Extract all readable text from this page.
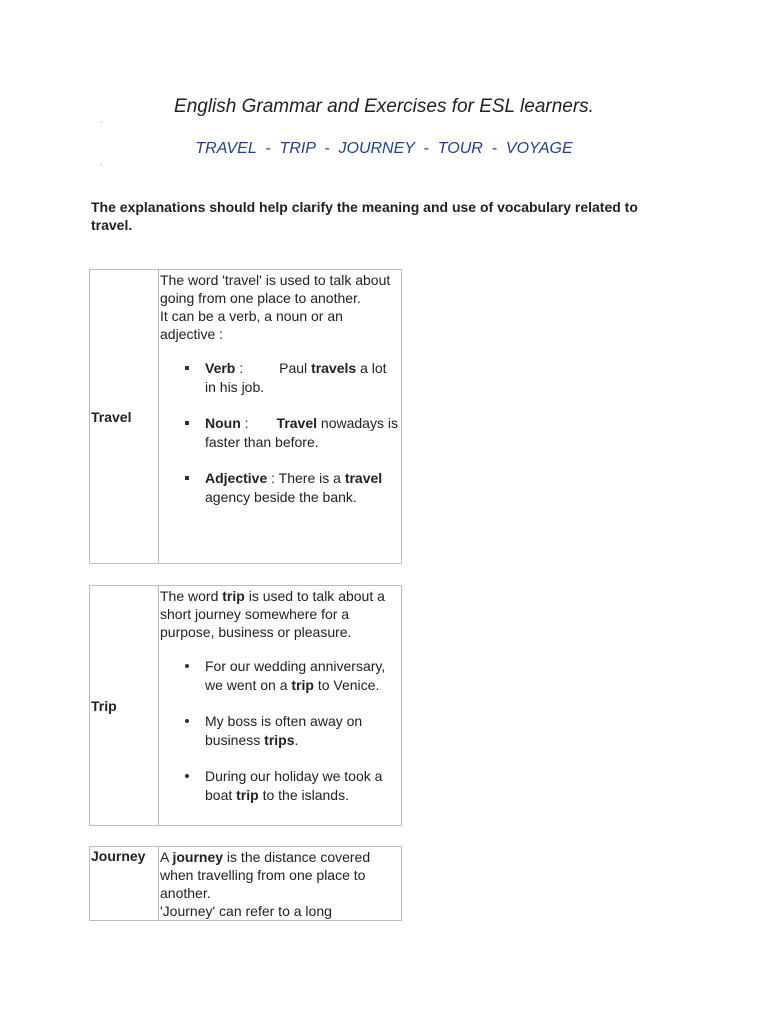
English Grammar and Exercises for ESL learners.
TRAVEL  -  TRIP  -  JOURNEY  -  TOUR  -  VOYAGE
The explanations should help clarify the meaning and use of vocabulary related to travel.
Travel

The word 'travel' is used to talk about going from one place to another.

It can be a verb, a noun or an adjective :

Verb :	Paul travels a lot in his job.
Noun : Travel nowadays is faster than before.
Adjective : There is a travel agency beside the bank.
Trip

The word trip is used to talk about a short journey somewhere for a purpose, business or pleasure.

For our wedding anniversary, we went on a trip to Venice.
My boss is often away on business trips.
During our holiday we took a boat trip to the islands.
Journey	A journey is the distance covered when travelling from one place to another.

'Journey' can refer to a long
